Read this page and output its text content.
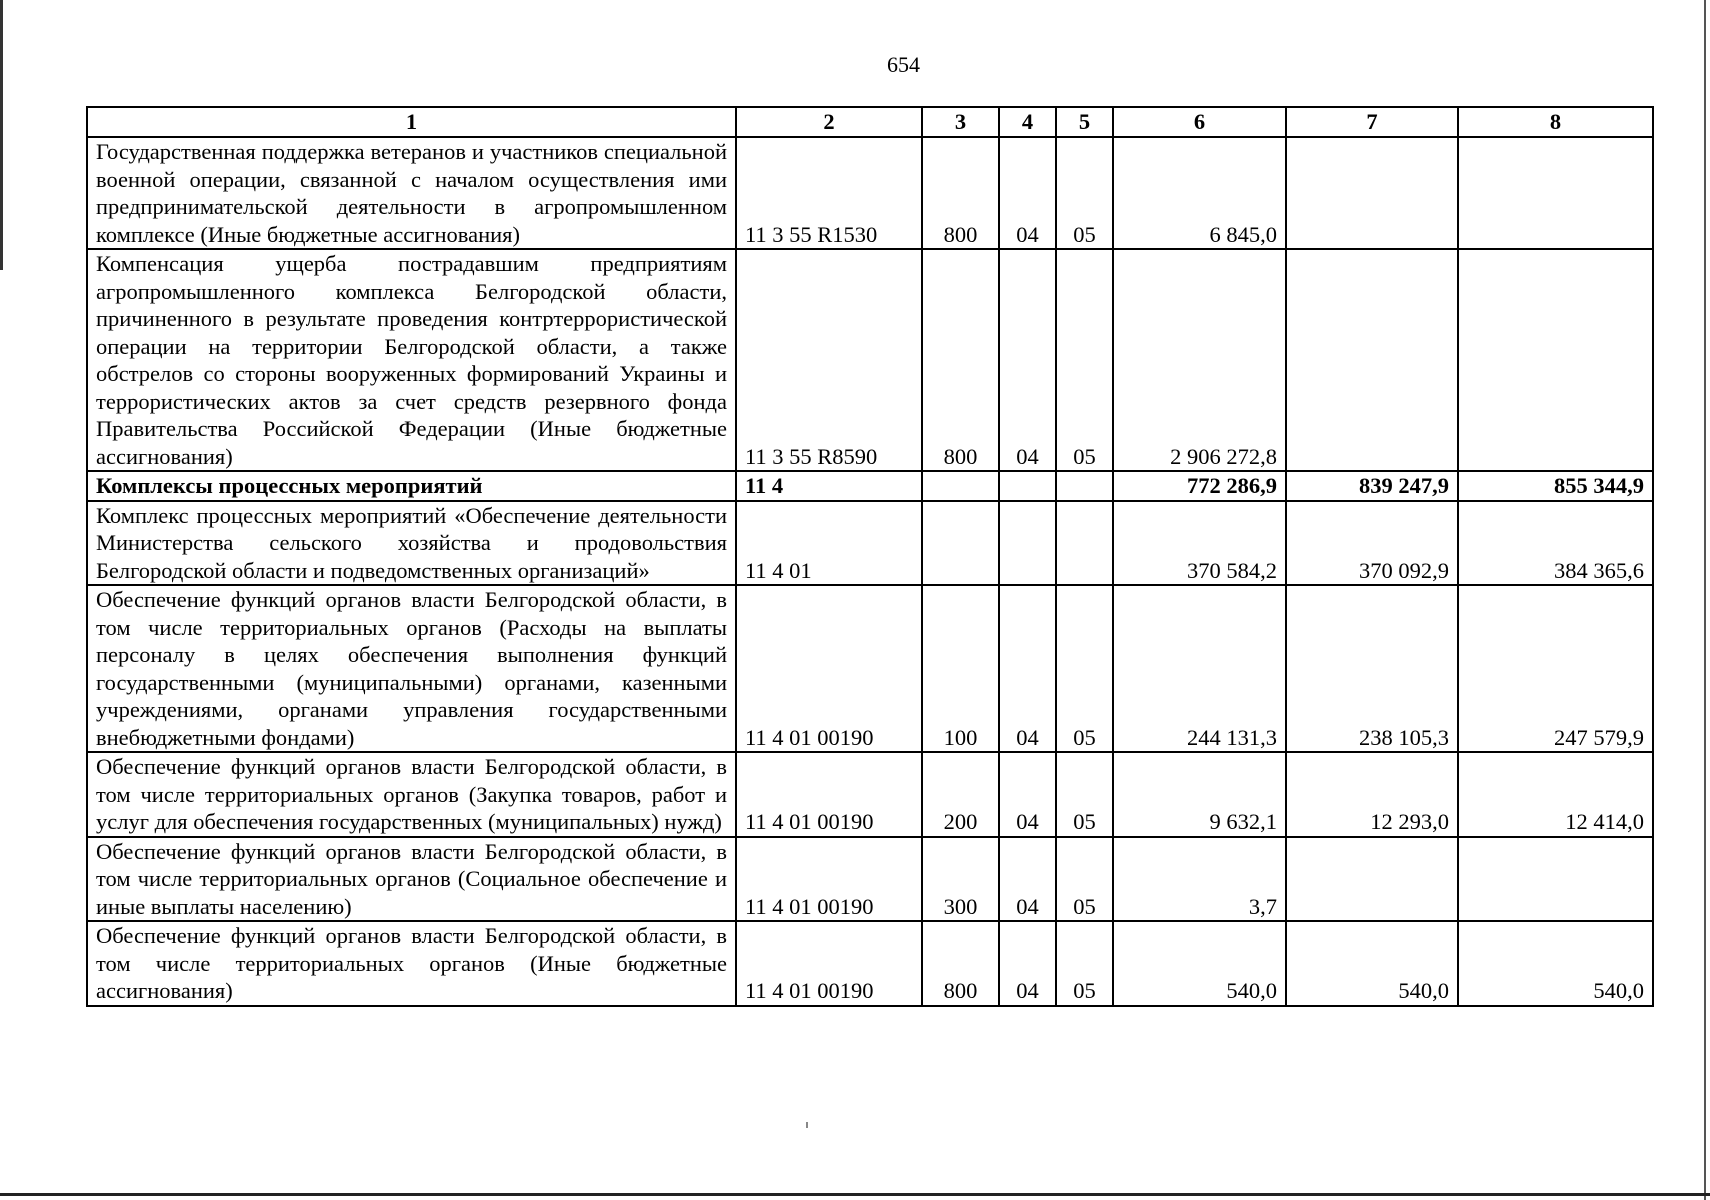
654
1	2	3	4	5	6	7	8
Государственная поддержка ветеранов и участников специальной военной операции, связанной с началом осуществления ими предпринимательской деятельности в агропромышленном комплексе (Иные бюджетные ассигнования)	11 3 55 R1530	800	04	05	6 845,0		
Компенсация ущерба пострадавшим предприятиям агропромышленного комплекса Белгородской области, причиненного в результате проведения контртеррористической операции на территории Белгородской области, а также обстрелов со стороны вооруженных формирований Украины и террористических актов за счет средств резервного фонда Правительства Российской Федерации (Иные бюджетные ассигнования)	11 3 55 R8590	800	04	05	2 906 272,8		
Комплексы процессных мероприятий	11 4				772 286,9	839 247,9	855 344,9
Комплекс процессных мероприятий «Обеспечение деятельности Министерства сельского хозяйства и продовольствия Белгородской области и подведомственных организаций»	11 4 01				370 584,2	370 092,9	384 365,6
Обеспечение функций органов власти Белгородской области, в том числе территориальных органов (Расходы на выплаты персоналу в целях обеспечения выполнения функций государственными (муниципальными) органами, казенными учреждениями, органами управления государственными внебюджетными фондами)	11 4 01 00190	100	04	05	244 131,3	238 105,3	247 579,9
Обеспечение функций органов власти Белгородской области, в том числе территориальных органов (Закупка товаров, работ и услуг для обеспечения государственных (муниципальных) нужд)	11 4 01 00190	200	04	05	9 632,1	12 293,0	12 414,0
Обеспечение функций органов власти Белгородской области, в том числе территориальных органов (Социальное обеспечение и иные выплаты населению)	11 4 01 00190	300	04	05	3,7		
Обеспечение функций органов власти Белгородской области, в том числе территориальных органов (Иные бюджетные ассигнования)	11 4 01 00190	800	04	05	540,0	540,0	540,0
